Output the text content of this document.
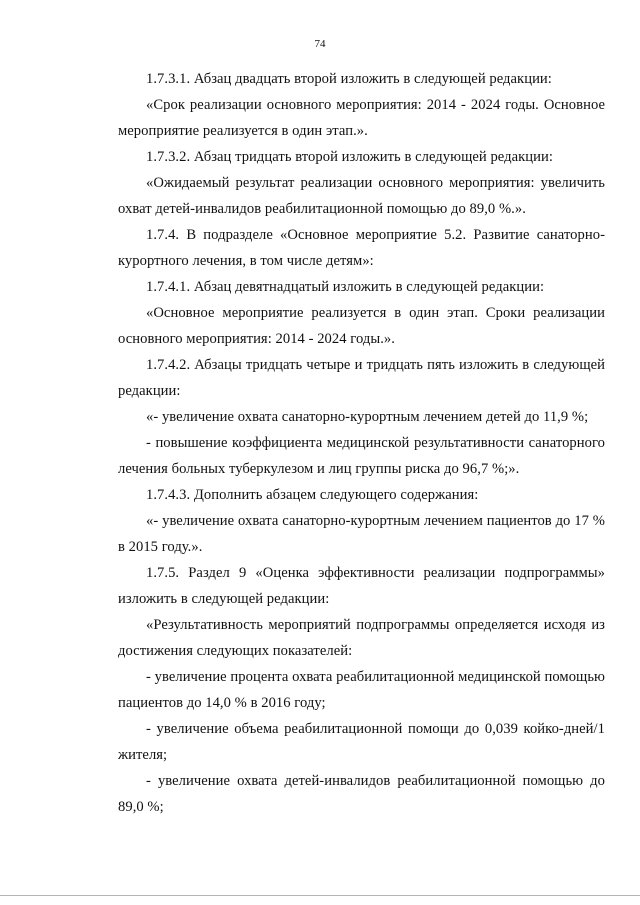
74

1.7.3.1. Абзац двадцать второй изложить в следующей редакции:

«Срок реализации основного мероприятия: 2014 - 2024 годы. Основное мероприятие реализуется в один этап.».

1.7.3.2. Абзац тридцать второй изложить в следующей редакции:

«Ожидаемый результат реализации основного мероприятия: увеличить охват детей-инвалидов реабилитационной помощью до 89,0 %.».

1.7.4. В подразделе «Основное мероприятие 5.2. Развитие санаторно-курортного лечения, в том числе детям»:

1.7.4.1. Абзац девятнадцатый изложить в следующей редакции:

«Основное мероприятие реализуется в один этап. Сроки реализации основного мероприятия: 2014 - 2024 годы.».

1.7.4.2. Абзацы тридцать четыре и тридцать пять изложить в следующей редакции:

«- увеличение охвата санаторно-курортным лечением детей до 11,9 %;

- повышение коэффициента медицинской результативности санаторного лечения больных туберкулезом и лиц группы риска до 96,7 %;».

1.7.4.3. Дополнить абзацем следующего содержания:

«- увеличение охвата санаторно-курортным лечением пациентов до 17 % в 2015 году.».

1.7.5. Раздел 9 «Оценка эффективности реализации подпрограммы» изложить в следующей редакции:

«Результативность мероприятий подпрограммы определяется исходя из достижения следующих показателей:

- увеличение процента охвата реабилитационной медицинской помощью пациентов до 14,0 % в 2016 году;

- увеличение объема реабилитационной помощи до 0,039 койко-дней/1 жителя;

- увеличение охвата детей-инвалидов реабилитационной помощью до 89,0 %;
